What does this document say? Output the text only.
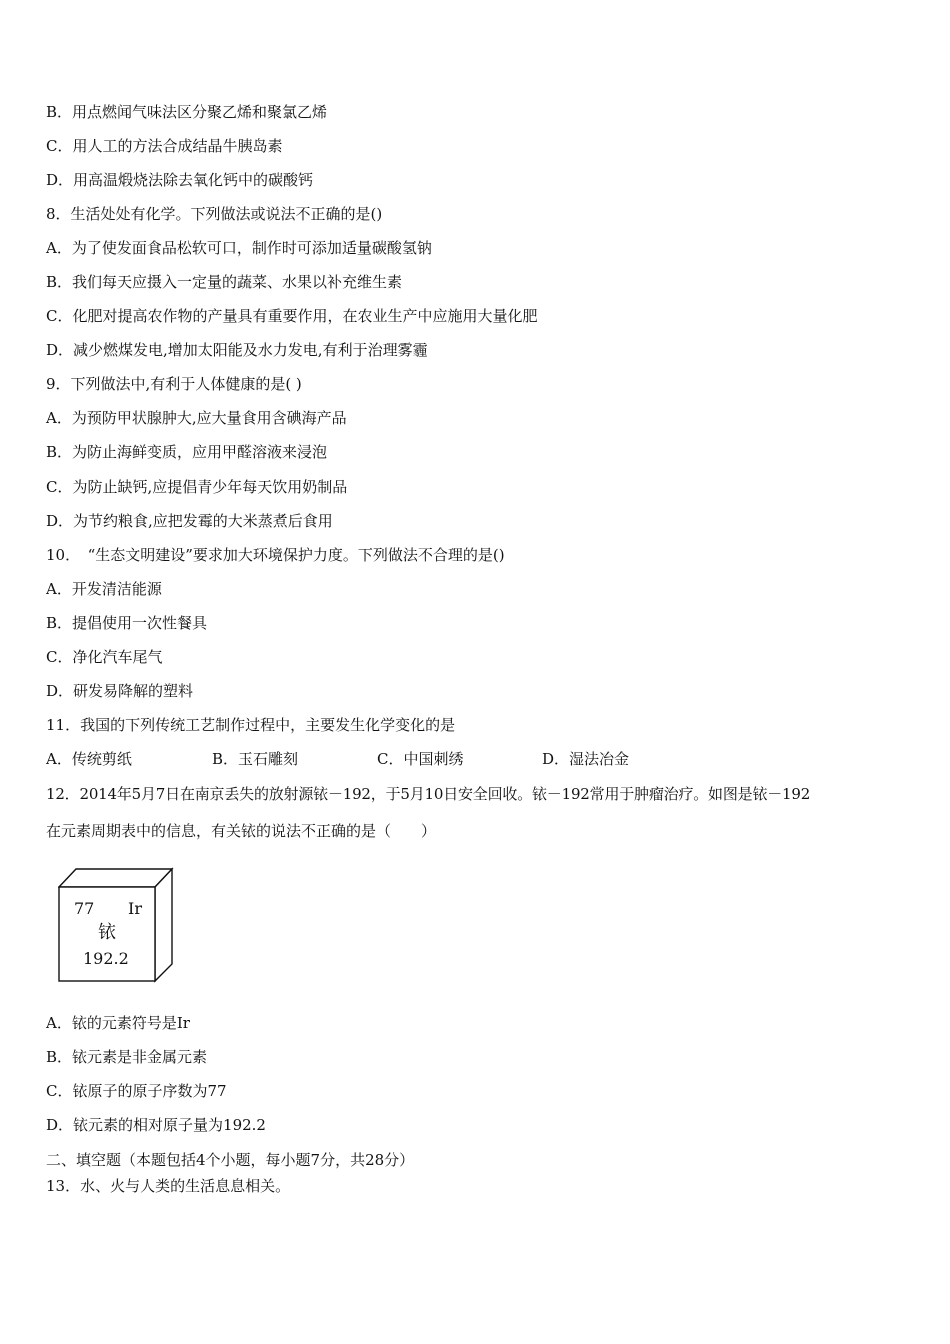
B．用点燃闻气味法区分聚乙烯和聚氯乙烯
C．用人工的方法合成结晶牛胰岛素
D．用高温煅烧法除去氧化钙中的碳酸钙
8．生活处处有化学。下列做法或说法不正确的是()
A．为了使发面食品松软可口，制作时可添加适量碳酸氢钠
B．我们每天应摄入一定量的蔬菜、水果以补充维生素
C．化肥对提高农作物的产量具有重要作用，在农业生产中应施用大量化肥
D．减少燃煤发电,增加太阳能及水力发电,有利于治理雾霾
9．下列做法中,有利于人体健康的是( )
A．为预防甲状腺肿大,应大量食用含碘海产品
B．为防止海鲜变质，应用甲醛溶液来浸泡
C．为防止缺钙,应提倡青少年每天饮用奶制品
D．为节约粮食,应把发霉的大米蒸煮后食用
10．　“生态文明建设”要求加大环境保护力度。下列做法不合理的是()
A．开发清洁能源
B．提倡使用一次性餐具
C．净化汽车尾气
D．研发易降解的塑料
11．我国的下列传统工艺制作过程中，主要发生化学变化的是
A．传统剪纸	B．玉石雕刻	C．中国刺绣	D．湿法冶金
12．2014年5月7日在南京丢失的放射源铱－192，于5月10日安全回收。铱－192常用于肿瘤治疗。如图是铱－192
在元素周期表中的信息，有关铱的说法不正确的是（　　）
77 Ir
铱
192.2
A．铱的元素符号是Ir
B．铱元素是非金属元素
C．铱原子的原子序数为77
D．铱元素的相对原子量为192.2
二、填空题（本题包括4个小题，每小题7分，共28分）
13．水、火与人类的生活息息相关。
